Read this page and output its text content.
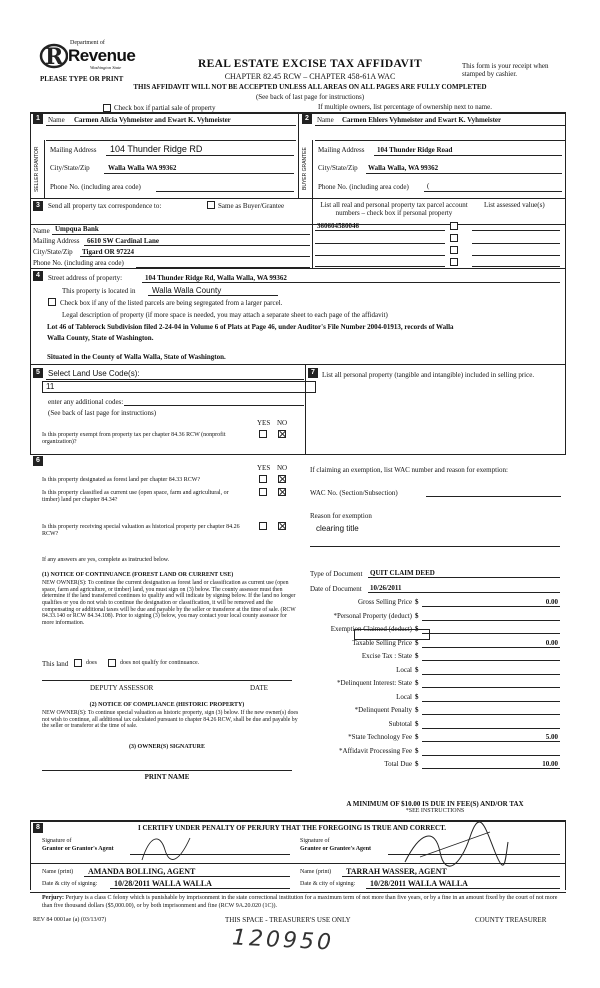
Department of
R Revenue
Washington State
PLEASE TYPE OR PRINT
REAL ESTATE EXCISE TAX AFFIDAVIT
CHAPTER 82.45 RCW – CHAPTER 458-61A WAC
THIS AFFIDAVIT WILL NOT BE ACCEPTED UNLESS ALL AREAS ON ALL PAGES ARE FULLY COMPLETED
(See back of last page for instructions)
This form is your receipt when stamped by cashier.
Check box if partial sale of property	If multiple owners, list percentage of ownership next to name.
1	Name Carmen Alicia Vyhmeister and Ewart K. Vyhmeister
SELLER GRANTOR Mailing Address 104 Thunder Ridge RD
City/State/Zip	Walla Walla WA 99362
Phone No. (including area code)
2	Name Carmen Ehlers Vyhmeister and Ewart K. Vyhmeister
BUYER GRANTEE Mailing Address 104 Thunder Ridge Road
City/State/Zip Walla Walla, WA 99362
Phone No. (including area code)	(
3	Send all property tax correspondence to:	Same as Buyer/Grantee	List all real and personal property tax parcel account numbers – check box if personal property
List assessed value(s)
Name Umpqua Bank
Mailing Address 6610 SW Cardinal Lane
City/State/Zip Tigard OR 97224
Phone No. (including area code)
360604580046
4	Street address of property:	104 Thunder Ridge Rd, Walla Walla, WA 99362
This property is located in Walla Walla County
Check box if any of the listed parcels are being segregated from a larger parcel.
Legal description of property (if more space is needed, you may attach a separate sheet to each page of the affidavit)
Lot 46 of Tablerock Subdivision filed 2-24-04 in Volume 6 of Plats at Page 46, under Auditor's File Number 2004-01913, records of Walla
Walla County, State of Washington.
Situated in the County of Walla Walla, State of Washington.
5	Select Land Use Code(s):
11
enter any additional codes:
(See back of last page for instructions)
YES NO
Is this property exempt from property tax per chapter 84.36 RCW (nonprofit organization)?
7	List all personal property (tangible and intangible) included in selling price.
6
YES NO
Is this property designated as forest land per chapter 84.33 RCW?
Is this property classified as current use (open space, farm and agricultural, or timber) land per chapter 84.34?
Is this property receiving special valuation as historical property per chapter 84.26 RCW?
If any answers are yes, complete as instructed below.
(1) NOTICE OF CONTINUANCE (FOREST LAND OR CURRENT USE)
NEW OWNER(S): To continue the current designation as forest land or classification as current use (open space, farm and agriculture, or timber) land, you must sign on (3) below. The county assessor must then determine if the land transferred continues to qualify and will indicate by signing below. If the land no longer qualifies or you do not wish to continue the designation or classification, it will be removed and the compensating or additional taxes will be due and payable by the seller or transferor at the time of sale. (RCW 84.33.140 or RCW 84.34.108). Prior to signing (3) below, you may contact your local county assessor for more information.
This land	does	does not qualify for continuance.
DEPUTY ASSESSOR	DATE
(2) NOTICE OF COMPLIANCE (HISTORIC PROPERTY)
NEW OWNER(S): To continue special valuation as historic property, sign (3) below. If the new owner(s) does not wish to continue, all additional tax calculated pursuant to chapter 84.26 RCW, shall be due and payable by the seller or transferor at the time of sale.
(3) OWNER(S) SIGNATURE
PRINT NAME
If claiming an exemption, list WAC number and reason for exemption:
WAC No. (Section/Subsection)
Reason for exemption
clearing title
Type of Document QUIT CLAIM DEED
Date of Document 10/26/2011
Gross Selling Price $	0.00
*Personal Property (deduct) $
Exemption Claimed (deduct) $
Taxable Selling Price $	0.00
Excise Tax : State $
Local $
*Delinquent Interest: State $
Local $
*Delinquent Penalty $
Subtotal $
*State Technology Fee $	5.00
*Affidavit Processing Fee $
Total Due $	10.00
A MINIMUM OF $10.00 IS DUE IN FEE(S) AND/OR TAX
*SEE INSTRUCTIONS
8	I CERTIFY UNDER PENALTY OF PERJURY THAT THE FOREGOING IS TRUE AND CORRECT.
Signature of
Grantor or Grantor's Agent
Signature of
Grantee or Grantee's Agent
Name (print) AMANDA BOLLING, AGENT	Name (print) TARRAH WASSER, AGENT
Date & city of signing: 10/28/2011 WALLA WALLA	Date & city of signing: 10/28/2011 WALLA WALLA
Perjury: Perjury is a class C felony which is punishable by imprisonment in the state correctional institution for a maximum term of not more than five years, or by a fine in an amount fixed by the court of not more than five thousand dollars ($5,000.00), or by both imprisonment and fine (RCW 9A.20.020 (1C)).
REV 84 0001ae (a) (03/13/07)	THIS SPACE - TREASURER'S USE ONLY	COUNTY TREASURER
120950
